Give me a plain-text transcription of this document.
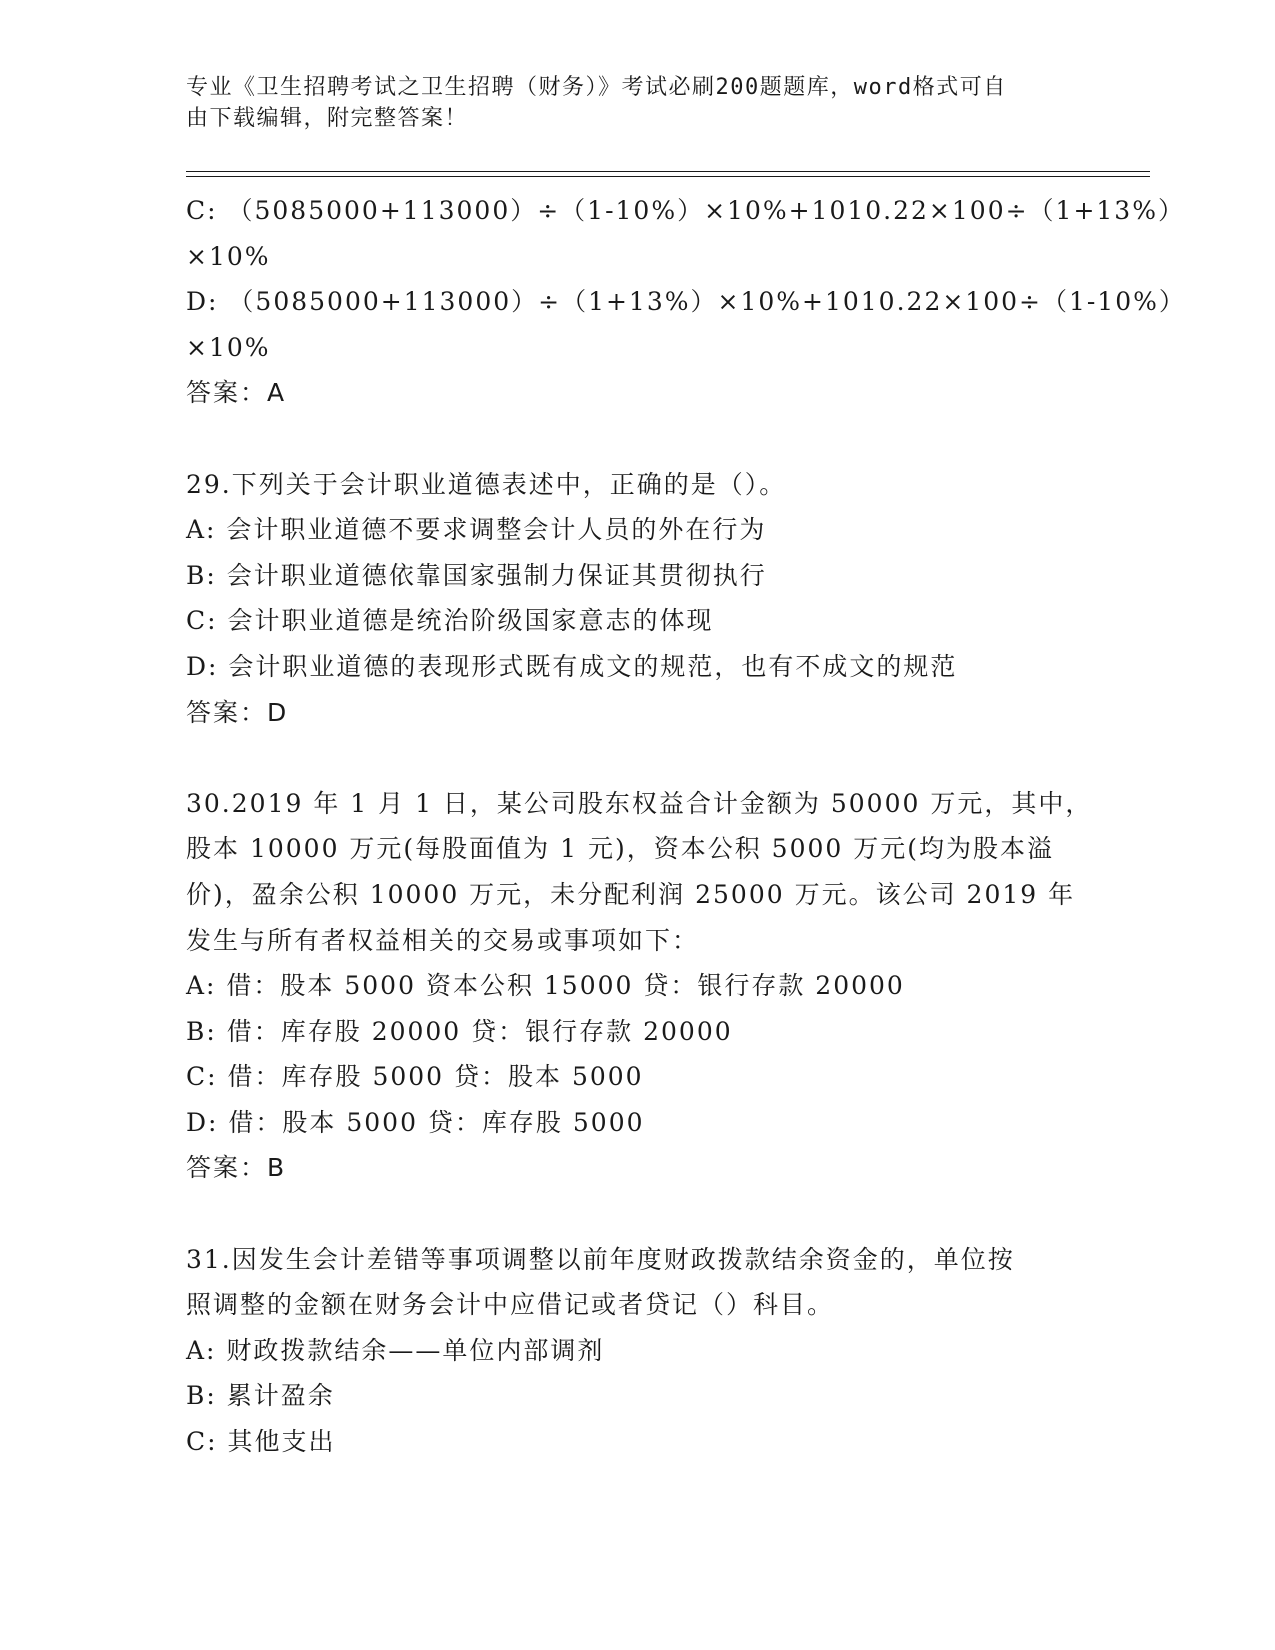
专业《卫生招聘考试之卫生招聘（财务）》考试必刷200题题库，word格式可自
由下载编辑，附完整答案！
C: （5085000+113000）÷（1-10%）×10%+1010.22×100÷（1+13%）
×10%
D: （5085000+113000）÷（1+13%）×10%+1010.22×100÷（1-10%）
×10%
答案：A
29.下列关于会计职业道德表述中，正确的是（）。
A: 会计职业道德不要求调整会计人员的外在行为
B: 会计职业道德依靠国家强制力保证其贯彻执行
C: 会计职业道德是统治阶级国家意志的体现
D: 会计职业道德的表现形式既有成文的规范，也有不成文的规范
答案：D
30.2019 年 1 月 1 日，某公司股东权益合计金额为 50000 万元，其中，
股本 10000 万元(每股面值为 1 元)，资本公积 5000 万元(均为股本溢
价)，盈余公积 10000 万元，未分配利润 25000 万元。该公司 2019 年
发生与所有者权益相关的交易或事项如下：
A: 借：股本 5000 资本公积 15000 贷：银行存款 20000
B: 借：库存股 20000 贷：银行存款 20000
C: 借：库存股 5000 贷：股本 5000
D: 借：股本 5000 贷：库存股 5000
答案：B
31.因发生会计差错等事项调整以前年度财政拨款结余资金的，单位按
照调整的金额在财务会计中应借记或者贷记（）科目。
A: 财政拨款结余——单位内部调剂
B: 累计盈余
C: 其他支出
